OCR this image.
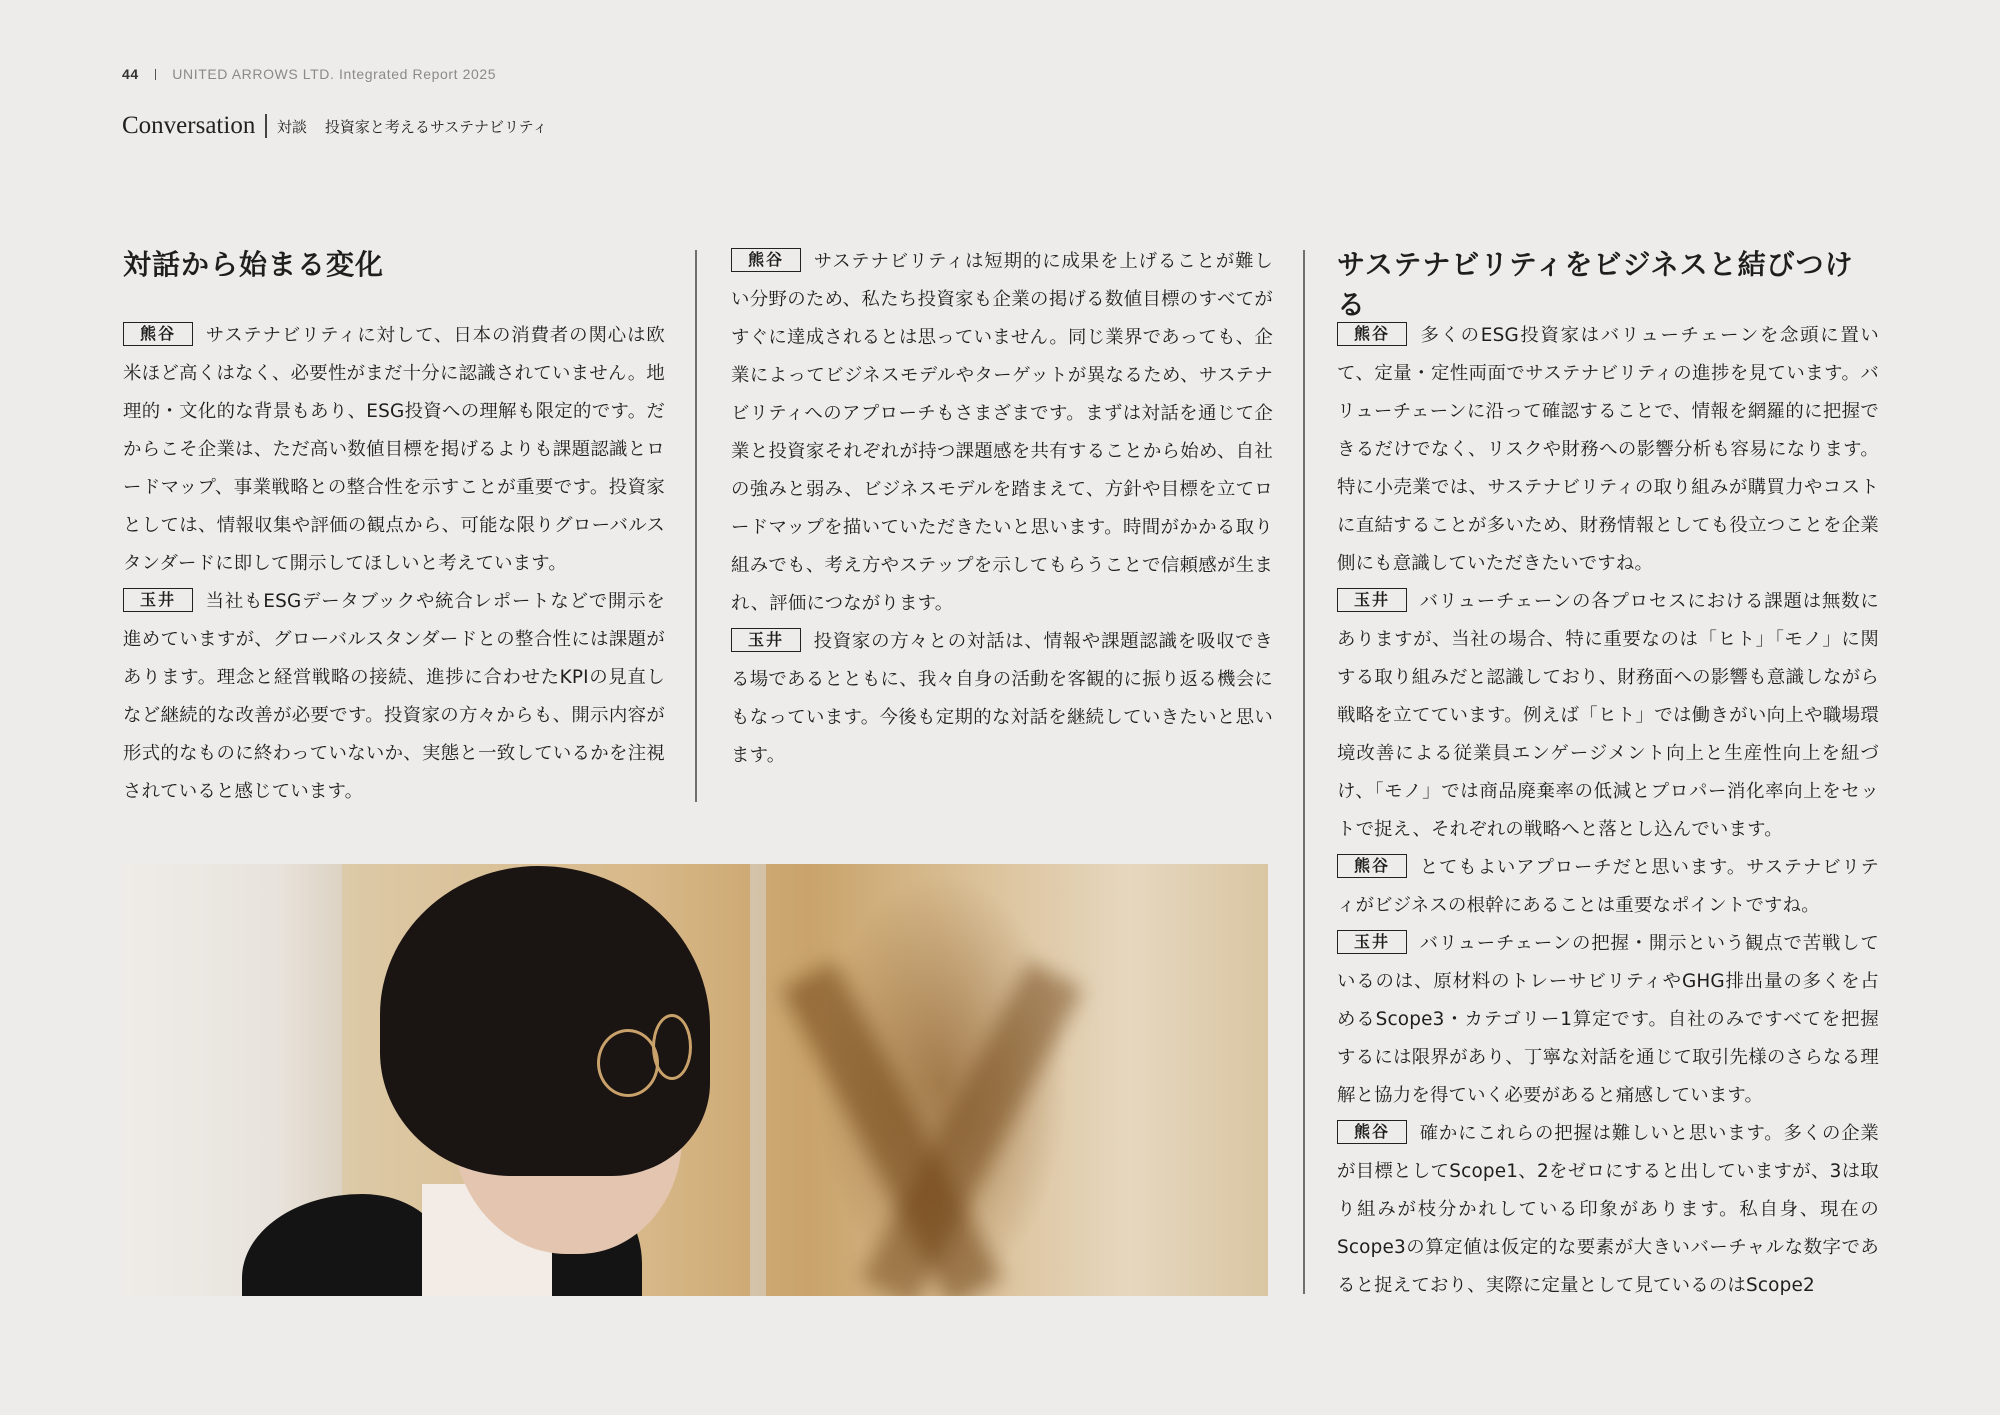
44 UNITED ARROWS LTD. Integrated Report 2025
Conversation 対談 投資家と考えるサステナビリティ
対話から始まる変化

熊谷 サステナビリティに対して、日本の消費者の関心は欧米ほど高くはなく、必要性がまだ十分に認識されていません。地理的・文化的な背景もあり、ESG投資への理解も限定的です。だからこそ企業は、ただ高い数値目標を掲げるよりも課題認識とロードマップ、事業戦略との整合性を示すことが重要です。投資家としては、情報収集や評価の観点から、可能な限りグローバルスタンダードに即して開示してほしいと考えています。

玉井 当社もESGデータブックや統合レポートなどで開示を進めていますが、グローバルスタンダードとの整合性には課題があります。理念と経営戦略の接続、進捗に合わせたKPIの見直しなど継続的な改善が必要です。投資家の方々からも、開示内容が形式的なものに終わっていないか、実態と一致しているかを注視されていると感じています。

熊谷 サステナビリティは短期的に成果を上げることが難しい分野のため、私たち投資家も企業の掲げる数値目標のすべてがすぐに達成されるとは思っていません。同じ業界であっても、企業によってビジネスモデルやターゲットが異なるため、サステナビリティへのアプローチもさまざまです。まずは対話を通じて企業と投資家それぞれが持つ課題感を共有することから始め、自社の強みと弱み、ビジネスモデルを踏まえて、方針や目標を立てロードマップを描いていただきたいと思います。時間がかかる取り組みでも、考え方やステップを示してもらうことで信頼感が生まれ、評価につながります。

玉井 投資家の方々との対話は、情報や課題認識を吸収できる場であるとともに、我々自身の活動を客観的に振り返る機会にもなっています。今後も定期的な対話を継続していきたいと思います。

サステナビリティをビジネスと結びつける

熊谷 多くのESG投資家はバリューチェーンを念頭に置いて、定量・定性両面でサステナビリティの進捗を見ています。バリューチェーンに沿って確認することで、情報を網羅的に把握できるだけでなく、リスクや財務への影響分析も容易になります。特に小売業では、サステナビリティの取り組みが購買力やコストに直結することが多いため、財務情報としても役立つことを企業側にも意識していただきたいですね。

玉井 バリューチェーンの各プロセスにおける課題は無数にありますが、当社の場合、特に重要なのは「ヒト」「モノ」に関する取り組みだと認識しており、財務面への影響も意識しながら戦略を立てています。例えば「ヒト」では働きがい向上や職場環境改善による従業員エンゲージメント向上と生産性向上を紐づけ、「モノ」では商品廃棄率の低減とプロパー消化率向上をセットで捉え、それぞれの戦略へと落とし込んでいます。

熊谷 とてもよいアプローチだと思います。サステナビリティがビジネスの根幹にあることは重要なポイントですね。

玉井 バリューチェーンの把握・開示という観点で苦戦しているのは、原材料のトレーサビリティやGHG排出量の多くを占めるScope3・カテゴリー1算定です。自社のみですべてを把握するには限界があり、丁寧な対話を通じて取引先様のさらなる理解と協力を得ていく必要があると痛感しています。

熊谷 確かにこれらの把握は難しいと思います。多くの企業が目標としてScope1、2をゼロにすると出していますが、3は取り組みが枝分かれしている印象があります。私自身、現在のScope3の算定値は仮定的な要素が大きいバーチャルな数字であると捉えており、実際に定量として見ているのはScope2
